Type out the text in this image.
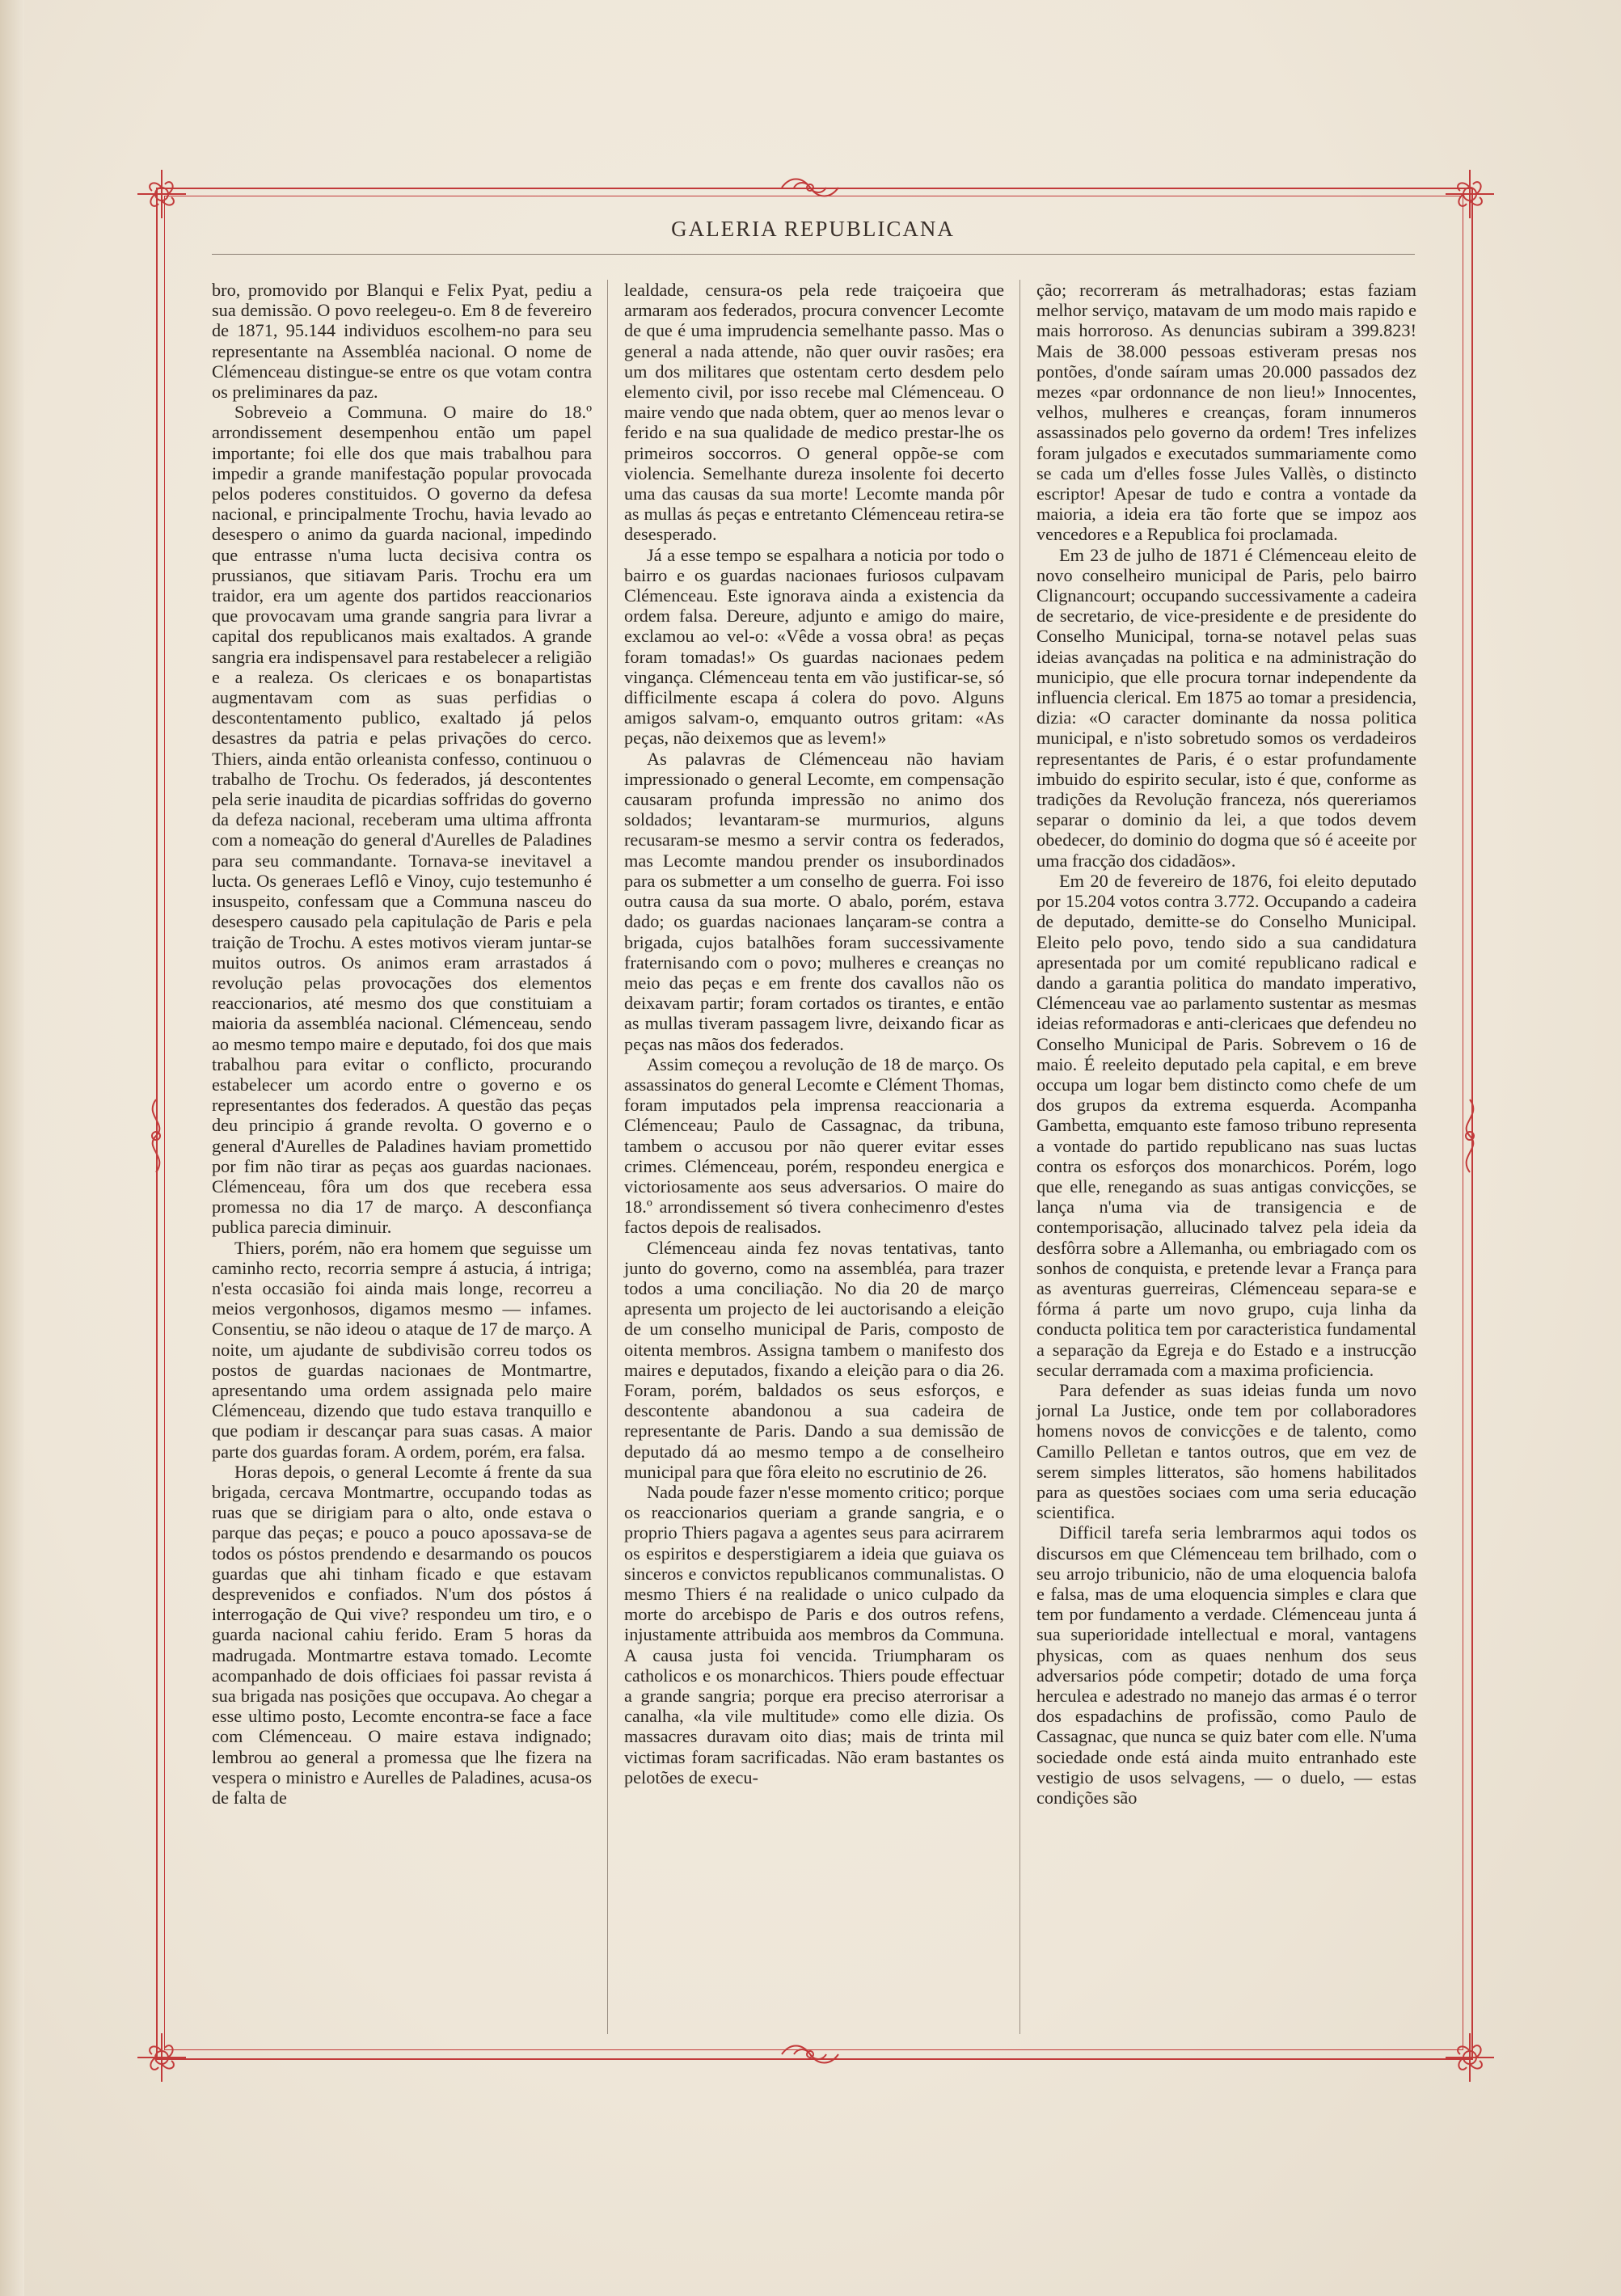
GALERIA REPUBLICANA

bro, promovido por Blanqui e Felix Pyat, pediu a sua demissão. O povo reelegeu-o. Em 8 de fevereiro de 1871, 95.144 individuos escolhem-no para seu representante na Assembléa nacional. O nome de Clémenceau distingue-se entre os que votam contra os preliminares da paz.

Sobreveio a Communa. O maire do 18.º arrondissement desempenhou então um papel importante; foi elle dos que mais trabalhou para impedir a grande manifestação popular provocada pelos poderes constituidos. O governo da defesa nacional, e principalmente Trochu, havia levado ao desespero o animo da guarda nacional, impedindo que entrasse n'uma lucta decisiva contra os prussianos, que sitiavam Paris. Trochu era um traidor, era um agente dos partidos reaccionarios que provocavam uma grande sangria para livrar a capital dos republicanos mais exaltados. A grande sangria era indispensavel para restabelecer a religião e a realeza. Os clericaes e os bonapartistas augmentavam com as suas perfidias o descontentamento publico, exaltado já pelos desastres da patria e pelas privações do cerco. Thiers, ainda então orleanista confesso, continuou o trabalho de Trochu. Os federados, já descontentes pela serie inaudita de picardias soffridas do governo da defeza nacional, receberam uma ultima affronta com a nomeação do general d'Aurelles de Paladines para seu commandante. Tornava-se inevitavel a lucta. Os generaes Leflô e Vinoy, cujo testemunho é insuspeito, confessam que a Communa nasceu do desespero causado pela capitulação de Paris e pela traição de Trochu. A estes motivos vieram juntar-se muitos outros. Os animos eram arrastados á revolução pelas provocações dos elementos reaccionarios, até mesmo dos que constituiam a maioria da assembléa nacional. Clémenceau, sendo ao mesmo tempo maire e deputado, foi dos que mais trabalhou para evitar o conflicto, procurando estabelecer um acordo entre o governo e os representantes dos federados. A questão das peças deu principio á grande revolta. O governo e o general d'Aurelles de Paladines haviam promettido por fim não tirar as peças aos guardas nacionaes. Clémenceau, fôra um dos que recebera essa promessa no dia 17 de março. A desconfiança publica parecia diminuir.

Thiers, porém, não era homem que seguisse um caminho recto, recorria sempre á astucia, á intriga; n'esta occasião foi ainda mais longe, recorreu a meios vergonhosos, digamos mesmo — infames. Consentiu, se não ideou o ataque de 17 de março. A noite, um ajudante de subdivisão correu todos os postos de guardas nacionaes de Montmartre, apresentando uma ordem assignada pelo maire Clémenceau, dizendo que tudo estava tranquillo e que podiam ir descançar para suas casas. A maior parte dos guardas foram. A ordem, porém, era falsa.

Horas depois, o general Lecomte á frente da sua brigada, cercava Montmartre, occupando todas as ruas que se dirigiam para o alto, onde estava o parque das peças; e pouco a pouco apossava-se de todos os póstos prendendo e desarmando os poucos guardas que ahi tinham ficado e que estavam desprevenidos e confiados. N'um dos póstos á interrogação de Qui vive? respondeu um tiro, e o guarda nacional cahiu ferido. Eram 5 horas da madrugada. Montmartre estava tomado. Lecomte acompanhado de dois officiaes foi passar revista á sua brigada nas posições que occupava. Ao chegar a esse ultimo posto, Lecomte encontra-se face a face com Clémenceau. O maire estava indignado; lembrou ao general a promessa que lhe fizera na vespera o ministro e Aurelles de Paladines, acusa-os de falta de

lealdade, censura-os pela rede traiçoeira que armaram aos federados, procura convencer Lecomte de que é uma imprudencia semelhante passo. Mas o general a nada attende, não quer ouvir rasões; era um dos militares que ostentam certo desdem pelo elemento civil, por isso recebe mal Clémenceau. O maire vendo que nada obtem, quer ao menos levar o ferido e na sua qualidade de medico prestar-lhe os primeiros soccorros. O general oppõe-se com violencia. Semelhante dureza insolente foi decerto uma das causas da sua morte! Lecomte manda pôr as mullas ás peças e entretanto Clémenceau retira-se desesperado.

Já a esse tempo se espalhara a noticia por todo o bairro e os guardas nacionaes furiosos culpavam Clémenceau. Este ignorava ainda a existencia da ordem falsa. Dereure, adjunto e amigo do maire, exclamou ao vel-o: «Vêde a vossa obra! as peças foram tomadas!» Os guardas nacionaes pedem vingança. Clémenceau tenta em vão justificar-se, só difficilmente escapa á colera do povo. Alguns amigos salvam-o, emquanto outros gritam: «As peças, não deixemos que as levem!»

As palavras de Clémenceau não haviam impressionado o general Lecomte, em compensação causaram profunda impressão no animo dos soldados; levantaram-se murmurios, alguns recusaram-se mesmo a servir contra os federados, mas Lecomte mandou prender os insubordinados para os submetter a um conselho de guerra. Foi isso outra causa da sua morte. O abalo, porém, estava dado; os guardas nacionaes lançaram-se contra a brigada, cujos batalhões foram successivamente fraternisando com o povo; mulheres e creanças no meio das peças e em frente dos cavallos não os deixavam partir; foram cortados os tirantes, e então as mullas tiveram passagem livre, deixando ficar as peças nas mãos dos federados.

Assim começou a revolução de 18 de março. Os assassinatos do general Lecomte e Clément Thomas, foram imputados pela imprensa reaccionaria a Clémenceau; Paulo de Cassagnac, da tribuna, tambem o accusou por não querer evitar esses crimes. Clémenceau, porém, respondeu energica e victoriosamente aos seus adversarios. O maire do 18.º arrondissement só tivera conhecimenro d'estes factos depois de realisados.

Clémenceau ainda fez novas tentativas, tanto junto do governo, como na assembléa, para trazer todos a uma conciliação. No dia 20 de março apresenta um projecto de lei auctorisando a eleição de um conselho municipal de Paris, composto de oitenta membros. Assigna tambem o manifesto dos maires e deputados, fixando a eleição para o dia 26. Foram, porém, baldados os seus esforços, e descontente abandonou a sua cadeira de representante de Paris. Dando a sua demissão de deputado dá ao mesmo tempo a de conselheiro municipal para que fôra eleito no escrutinio de 26.

Nada poude fazer n'esse momento critico; porque os reaccionarios queriam a grande sangria, e o proprio Thiers pagava a agentes seus para acirrarem os espiritos e desperstigiarem a ideia que guiava os sinceros e convictos republicanos communalistas. O mesmo Thiers é na realidade o unico culpado da morte do arcebispo de Paris e dos outros refens, injustamente attribuida aos membros da Communa. A causa justa foi vencida. Triumpharam os catholicos e os monarchicos. Thiers poude effectuar a grande sangria; porque era preciso aterrorisar a canalha, «la vile multitude» como elle dizia. Os massacres duravam oito dias; mais de trinta mil victimas foram sacrificadas. Não eram bastantes os pelotões de execu-

ção; recorreram ás metralhadoras; estas faziam melhor serviço, matavam de um modo mais rapido e mais horroroso. As denuncias subiram a 399.823! Mais de 38.000 pessoas estiveram presas nos pontões, d'onde saíram umas 20.000 passados dez mezes «par ordonnance de non lieu!» Innocentes, velhos, mulheres e creanças, foram innumeros assassinados pelo governo da ordem! Tres infelizes foram julgados e executados summariamente como se cada um d'elles fosse Jules Vallès, o distincto escriptor! Apesar de tudo e contra a vontade da maioria, a ideia era tão forte que se impoz aos vencedores e a Republica foi proclamada.

Em 23 de julho de 1871 é Clémenceau eleito de novo conselheiro municipal de Paris, pelo bairro Clignancourt; occupando successivamente a cadeira de secretario, de vice-presidente e de presidente do Conselho Municipal, torna-se notavel pelas suas ideias avançadas na politica e na administração do municipio, que elle procura tornar independente da influencia clerical. Em 1875 ao tomar a presidencia, dizia: «O caracter dominante da nossa politica municipal, e n'isto sobretudo somos os verdadeiros representantes de Paris, é o estar profundamente imbuido do espirito secular, isto é que, conforme as tradições da Revolução franceza, nós quereriamos separar o dominio da lei, a que todos devem obedecer, do dominio do dogma que só é aceeite por uma fracção dos cidadãos».

Em 20 de fevereiro de 1876, foi eleito deputado por 15.204 votos contra 3.772. Occupando a cadeira de deputado, demitte-se do Conselho Municipal. Eleito pelo povo, tendo sido a sua candidatura apresentada por um comité republicano radical e dando a garantia politica do mandato imperativo, Clémenceau vae ao parlamento sustentar as mesmas ideias reformadoras e anti-clericaes que defendeu no Conselho Municipal de Paris. Sobrevem o 16 de maio. É reeleito deputado pela capital, e em breve occupa um logar bem distincto como chefe de um dos grupos da extrema esquerda. Acompanha Gambetta, emquanto este famoso tribuno representa a vontade do partido republicano nas suas luctas contra os esforços dos monarchicos. Porém, logo que elle, renegando as suas antigas convicções, se lança n'uma via de transigencia e de contemporisação, allucinado talvez pela ideia da desfôrra sobre a Allemanha, ou embriagado com os sonhos de conquista, e pretende levar a França para as aventuras guerreiras, Clémenceau separa-se e fórma á parte um novo grupo, cuja linha da conducta politica tem por caracteristica fundamental a separação da Egreja e do Estado e a instrucção secular derramada com a maxima proficiencia.

Para defender as suas ideias funda um novo jornal La Justice, onde tem por collaboradores homens novos de convicções e de talento, como Camillo Pelletan e tantos outros, que em vez de serem simples litteratos, são homens habilitados para as questões sociaes com uma seria educação scientifica.

Difficil tarefa seria lembrarmos aqui todos os discursos em que Clémenceau tem brilhado, com o seu arrojo tribunicio, não de uma eloquencia balofa e falsa, mas de uma eloquencia simples e clara que tem por fundamento a verdade. Clémenceau junta á sua superioridade intellectual e moral, vantagens physicas, com as quaes nenhum dos seus adversarios póde competir; dotado de uma força herculea e adestrado no manejo das armas é o terror dos espadachins de profissão, como Paulo de Cassagnac, que nunca se quiz bater com elle. N'uma sociedade onde está ainda muito entranhado este vestigio de usos selvagens, — o duelo, — estas condições são
